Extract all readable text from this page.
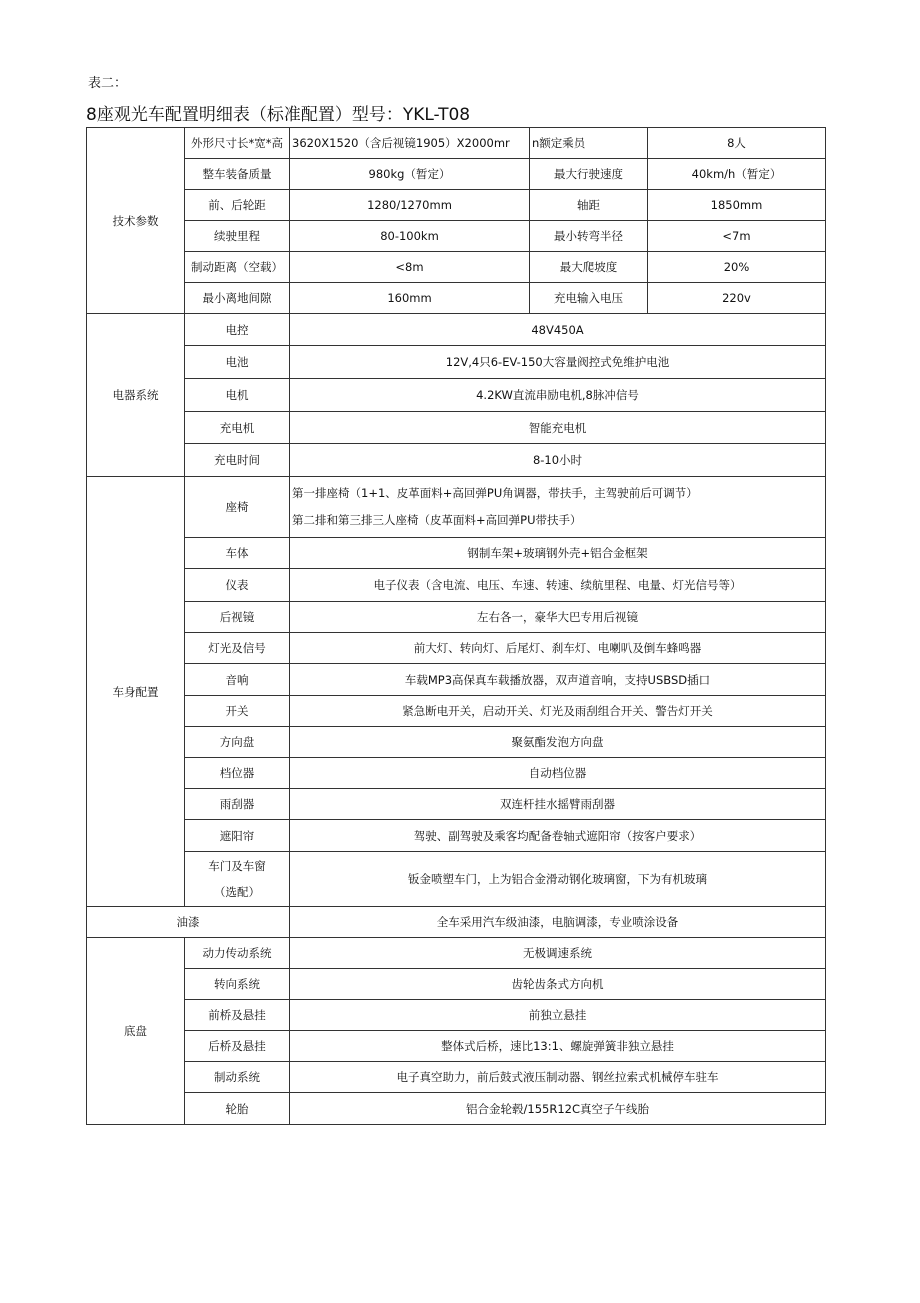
表二：
8座观光车配置明细表（标准配置）型号：YKL-T08
技术参数	外形尺寸长*宽*高	3620X1520（含后视镜1905）X2000mr	n额定乘员	8人
	整车装备质量	980kg（暂定）	最大行驶速度	40km/h（暂定）
	前、后轮距	1280/1270mm	轴距	1850mm
	续驶里程	80-100km	最小转弯半径	<7m
	制动距离（空载）	<8m	最大爬坡度	20%
	最小离地间隙	160mm	充电输入电压	220v
电器系统	电控	48V450A		
	电池	12V,4只6-EV-150大容量阀控式免维护电池		
	电机	4.2KW直流串励电机,8脉冲信号		
	充电机	智能充电机		
	充电时间	8-10小时		
车身配置	座椅	第一排座椅（1+1、皮革面料+高回弹PU角调器，带扶手，主驾驶前后可调节）
第二排和第三排三人座椅（皮革面料+高回弹PU带扶手）		

	车体	钢制车架+玻璃钢外壳+铝合金框架		
	仪表	电子仪表（含电流、电压、车速、转速、续航里程、电量、灯光信号等）		
	后视镜	左右各一，豪华大巴专用后视镜		
	灯光及信号	前大灯、转向灯、后尾灯、刹车灯、电喇叭及倒车蜂鸣器		
	音响	车载MP3高保真车载播放器，双声道音响，支持USBSD插口		
	开关	紧急断电开关，启动开关、灯光及雨刮组合开关、警告灯开关		
	方向盘	聚氨酯发泡方向盘		
	档位器	自动档位器		
	雨刮器	双连杆挂水摇臂雨刮器		
	遮阳帘	驾驶、副驾驶及乘客均配备卷轴式遮阳帘（按客户要求）		

	车门及车窗
（选配）	钣金喷塑车门，上为铝合金滑动钢化玻璃窗，下为有机玻璃		
油漆		全车采用汽车级油漆，电脑调漆，专业喷涂设备		
底盘	动力传动系统	无极调速系统		
	转向系统	齿轮齿条式方向机		
	前桥及悬挂	前独立悬挂		
	后桥及悬挂	整体式后桥，速比13:1、螺旋弹簧非独立悬挂		
	制动系统	电子真空助力，前后鼓式液压制动器、钢丝拉索式机械停车驻车		
	轮胎	铝合金轮毂/155R12C真空子午线胎		
